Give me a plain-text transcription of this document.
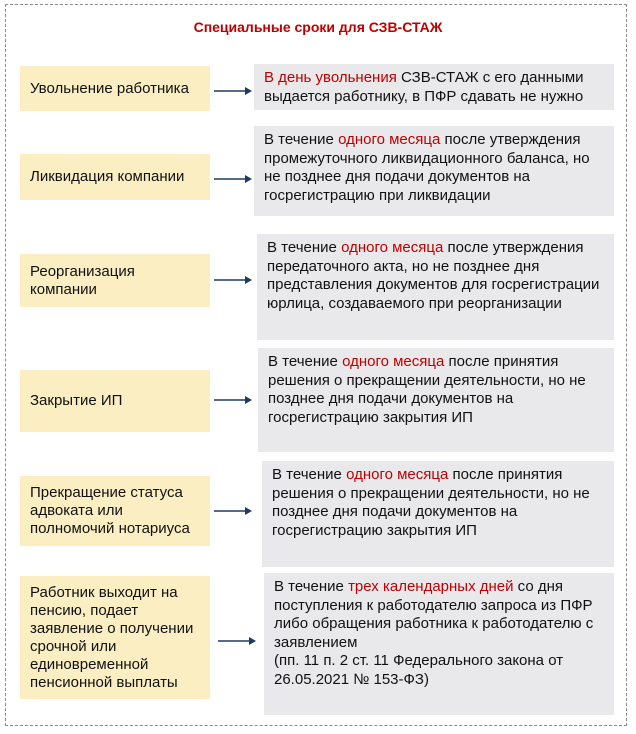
Специальные сроки для СЗВ-СТАЖ
Увольнение работника
В день увольнения СЗВ-СТАЖ с его данными выдается работнику, в ПФР сдавать не нужно
Ликвидация компании
В течение одного месяца после утверждения промежуточного ликвидационного баланса, но не позднее дня подачи документов на госрегистрацию при ликвидации
Реорганизация компании
В течение одного месяца после утверждения передаточного акта, но не позднее дня представления документов для госрегистрации юрлица, создаваемого при реорганизации
Закрытие ИП
В течение одного месяца после принятия решения о прекращении деятельности, но не позднее дня подачи документов на госрегистрацию закрытия ИП
Прекращение статуса адвоката или полномочий нотариуса
В течение одного месяца после принятия решения о прекращении деятельности, но не позднее дня подачи документов на госрегистрацию закрытия ИП
Работник выходит на пенсию, подает заявление о получении срочной или единовременной пенсионной выплаты
В течение трех календарных дней со дня поступления к работодателю запроса из ПФР либо обращения работника к работодателю с заявлением
(пп. 11 п. 2 ст. 11 Федерального закона от 26.05.2021 № 153-ФЗ)
